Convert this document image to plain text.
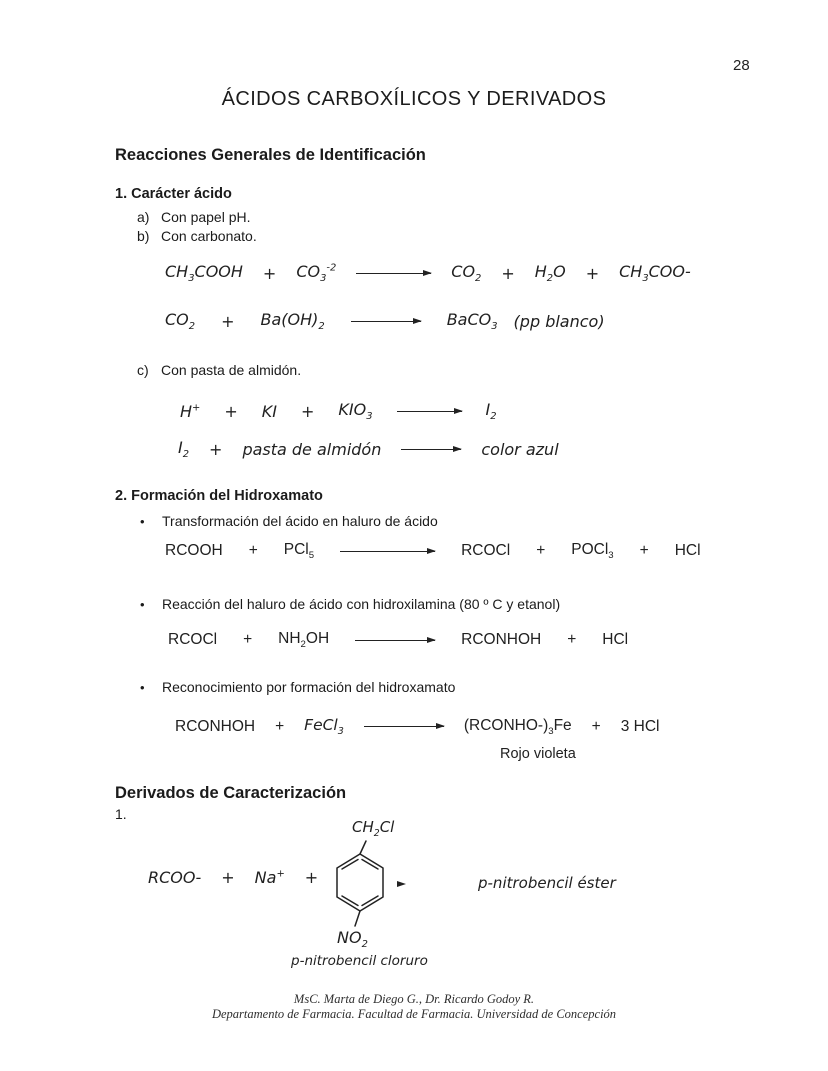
28
ÁCIDOS CARBOXÍLICOS Y DERIVADOS
Reacciones Generales de Identificación
1. Carácter ácido
a) Con papel pH.
b) Con carbonato.
$CH_3COOH + CO_3^{-2}$	$CO_2 + H_2O + CH_3COO-$
$CO_2 + Ba(OH)_2$	BaCO$_3$ (pp blanco)
c) Con pasta de almidón.
H+ + KI + $KIO_3$	$I_2$
$I_2$ + pasta de almidón → color azul
2. Formación del Hidroxamato
• Transformación del ácido en haluro de ácido
RCOOH + PCl$_5$	RCOCl + POCl$_3$ + HCl
• Reacción del haluro de ácido con hidroxilamina (80 º C y etanol)
RCOCl + $NH_2OH$	RCONHOH + HCl
• Reconocimiento por formación del hidroxamato
RCONHOH + FeCl$_3$	$(RCONHO-)_3Fe + 3$ HCl
Rojo violeta
Derivados de Caracterización
1.
RCOO- + Na+ +
$CH_2Cl$
$NO_2$
p-nitrobencil cloruro
p-nitrobencil éster
MsC. Marta de Diego G., Dr. Ricardo Godoy R.
Departamento de Farmacia. Facultad de Farmacia. Universidad de Concepción
